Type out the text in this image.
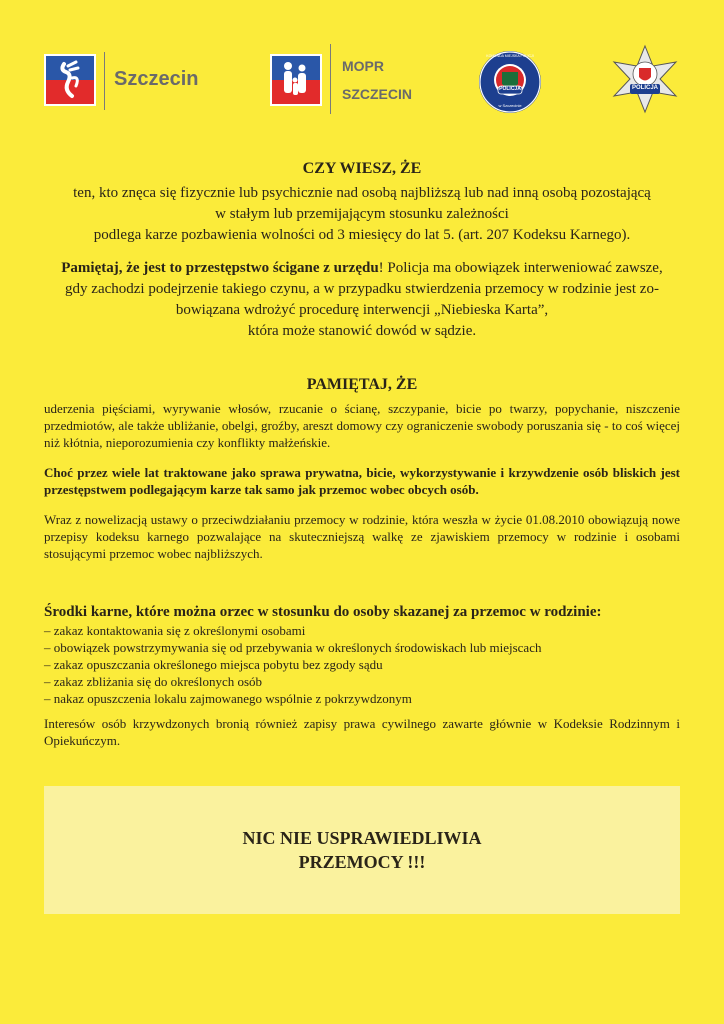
Szczecin
MOPR
SZCZECIN	POLICJA
KOMENDA MIEJSKA POLICJI
w Szczecinie
POLICJA
CZY WIESZ, ŻE

ten, kto znęca się fizycznie lub psychicznie nad osobą najbliższą lub nad inną osobą pozostającą

w stałym lub przemijającym stosunku zależności

podlega karze pozbawienia wolności od 3 miesięcy do lat 5. (art. 207 Kodeksu Karnego).

Pamiętaj, że jest to przestępstwo ścigane z urzędu! Policja ma obowiązek interweniować zawsze,

gdy zachodzi podejrzenie takiego czynu, a w przypadku stwierdzenia przemocy w rodzinie jest zo-

bowiązana wdrożyć procedurę interwencji „Niebieska Karta”,

która może stanowić dowód w sądzie.

PAMIĘTAJ, ŻE

uderzenia pięściami, wyrywanie włosów, rzucanie o ścianę, szczypanie, bicie po twarzy, popychanie, niszczenie przedmiotów, ale także ubliżanie, obelgi, groźby, areszt domowy czy ograniczenie swobody poruszania się - to coś więcej niż kłótnia, nieporozumienia czy konflikty małżeńskie.

Choć przez wiele lat traktowane jako sprawa prywatna, bicie, wykorzystywanie i krzywdzenie osób bliskich jest przestępstwem podlegającym karze tak samo jak przemoc wobec obcych osób.

Wraz z nowelizacją ustawy o przeciwdziałaniu przemocy w rodzinie, która weszła w życie 01.08.2010 obowiązują nowe przepisy kodeksu karnego pozwalające na skuteczniejszą walkę ze zjawiskiem przemocy w rodzinie i osobami stosującymi przemoc wobec najbliższych.

Środki karne, które można orzec w stosunku do osoby skazanej za przemoc w rodzinie:

– zakaz kontaktowania się z określonymi osobami
– obowiązek powstrzymywania się od przebywania w określonych środowiskach lub miejscach
– zakaz opuszczania określonego miejsca pobytu bez zgody sądu
– zakaz zbliżania się do określonych osób
– nakaz opuszczenia lokalu zajmowanego wspólnie z pokrzywdzonym

Interesów osób krzywdzonych bronią również zapisy prawa cywilnego zawarte głównie w Kodeksie Rodzinnym i Opiekuńczym.

NIC NIE USPRAWIEDLIWIA
PRZEMOCY !!!
